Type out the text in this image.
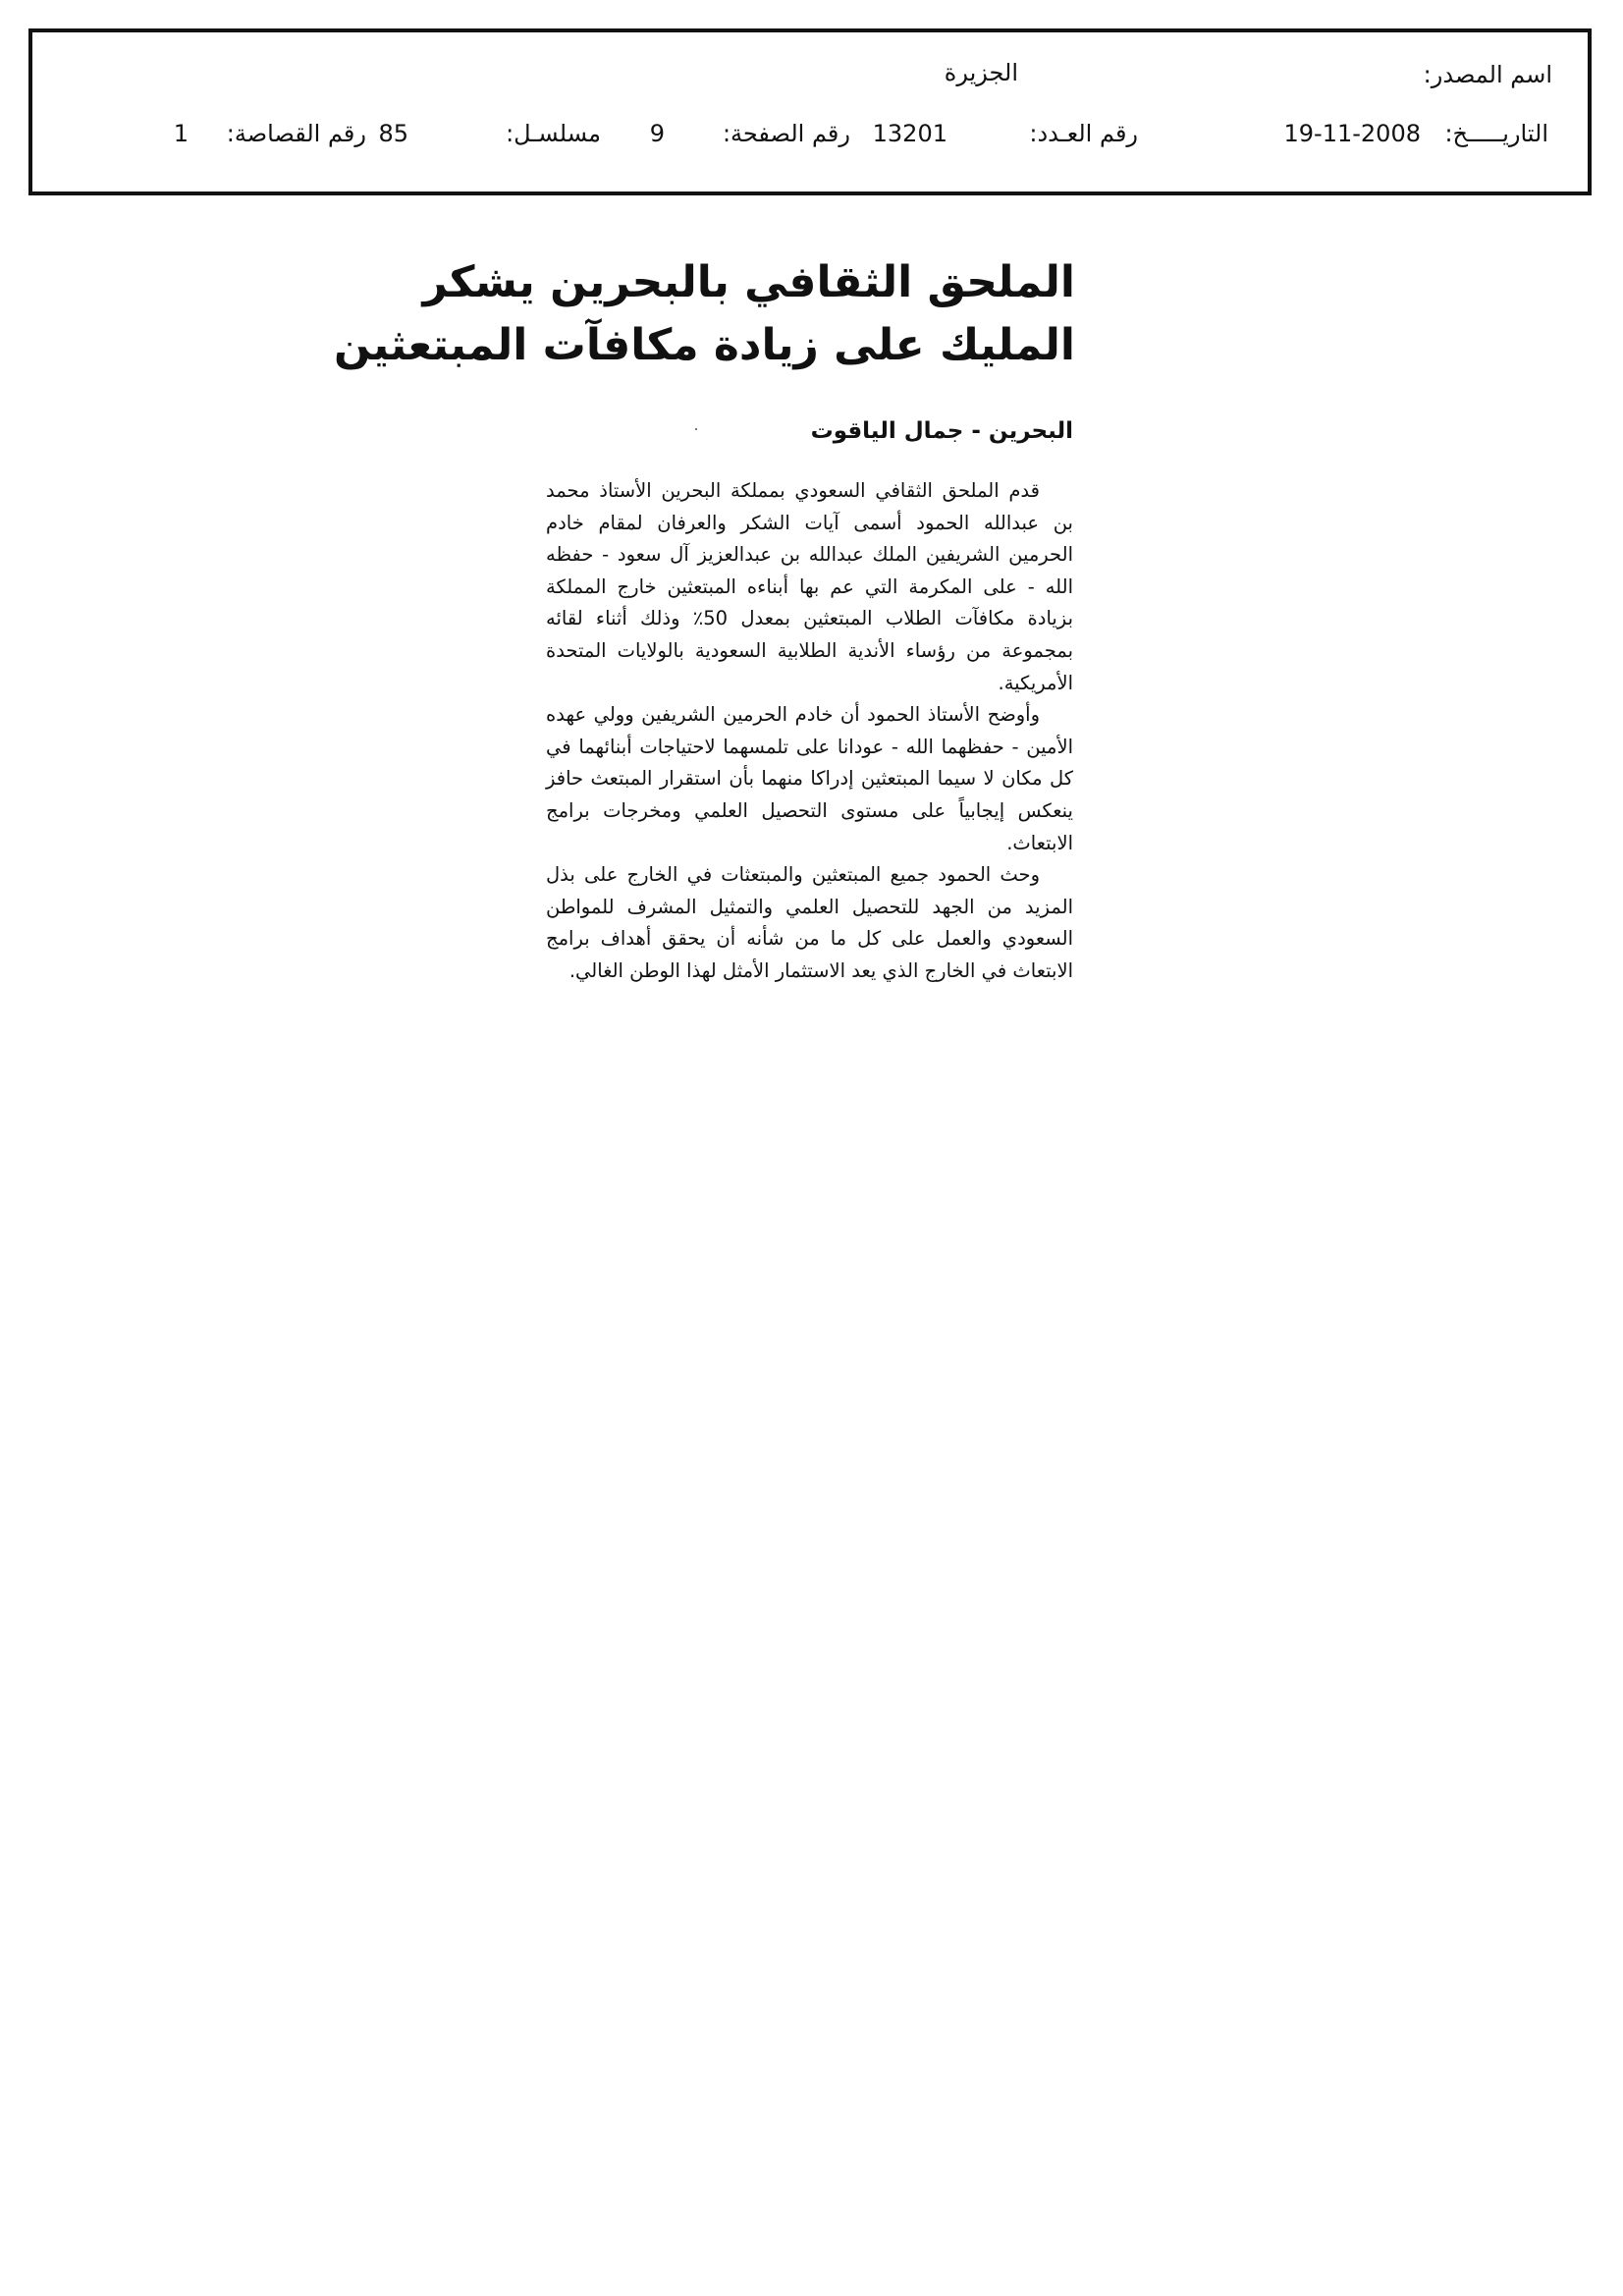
اسم المصدر:
الجزيرة
التاريـــــخ:
19-11-2008
رقم العـدد:
13201
رقم الصفحة:
9
مسلسـل:
85
رقم القصاصة:
1
الملحق الثقافي بالبحرين يشكر
المليك على زيادة مكافآت المبتعثين
البحرين - جمال الياقوت

قدم الملحق الثقافي السعودي بمملكة البحرين الأستاذ محمد بن عبدالله الحمود أسمى آيات الشكر والعرفان لمقام خادم الحرمين الشريفين الملك عبدالله بن عبدالعزيز آل سعود - حفظه الله - على المكرمة التي عم بها أبناءه المبتعثين خارج المملكة بزيادة مكافآت الطلاب المبتعثين بمعدل 50٪ وذلك أثناء لقائه بمجموعة من رؤساء الأندية الطلابية السعودية بالولايات المتحدة الأمريكية.

وأوضح الأستاذ الحمود أن خادم الحرمين الشريفين وولي عهده الأمين - حفظهما الله - عودانا على تلمسهما لاحتياجات أبنائهما في كل مكان لا سيما المبتعثين إدراكا منهما بأن استقرار المبتعث حافز ينعكس إيجابياً على مستوى التحصيل العلمي ومخرجات برامج الابتعاث.

وحث الحمود جميع المبتعثين والمبتعثات في الخارج على بذل المزيد من الجهد للتحصيل العلمي والتمثيل المشرف للمواطن السعودي والعمل على كل ما من شأنه أن يحقق أهداف برامج الابتعاث في الخارج الذي يعد الاستثمار الأمثل لهذا الوطن الغالي.
